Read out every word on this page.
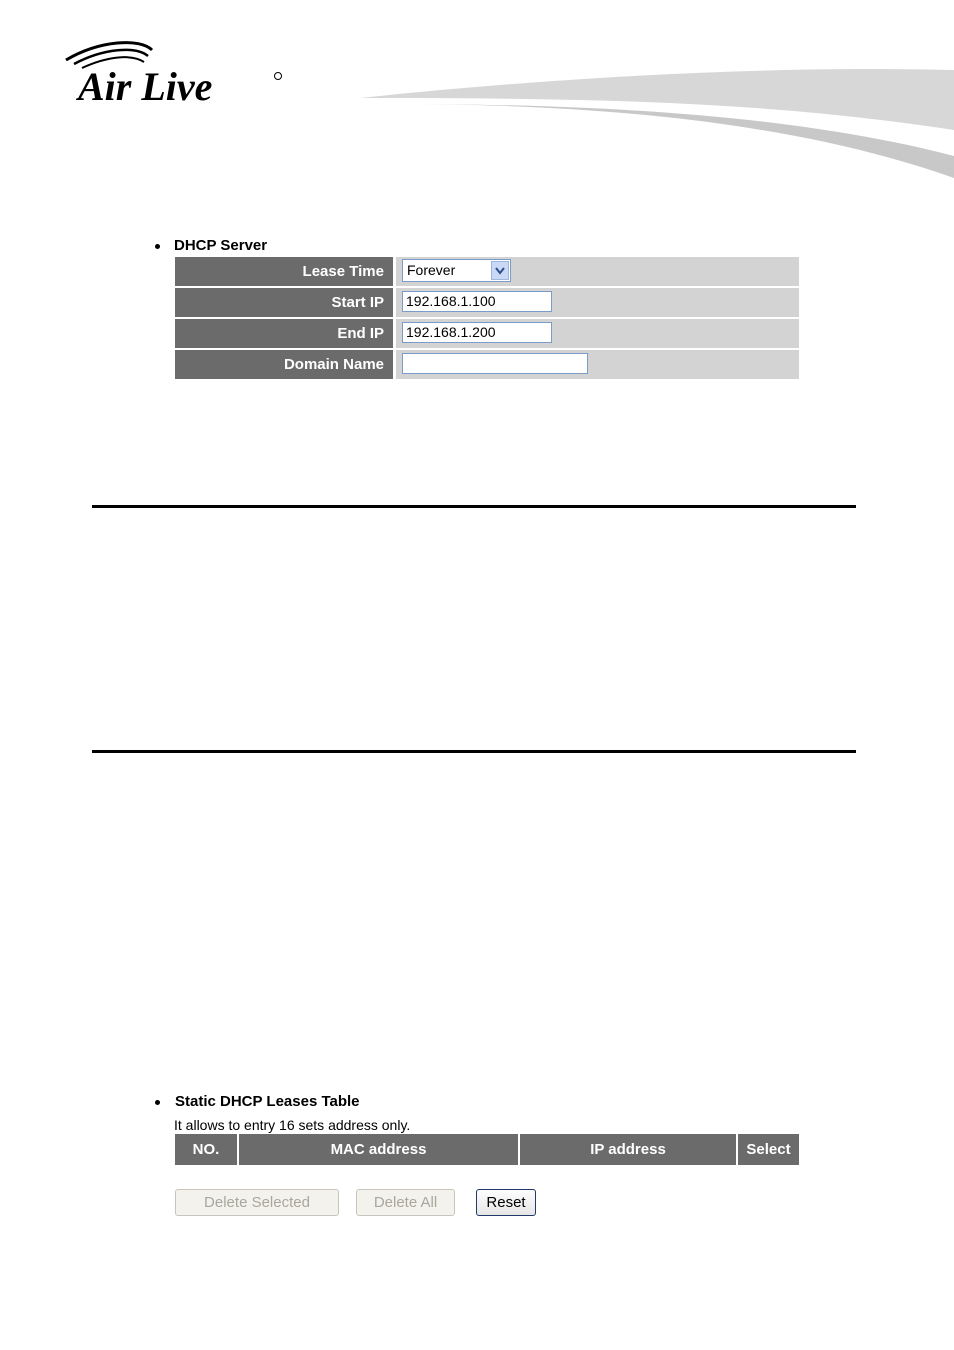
Air Live
DHCP Server
Lease Time	Forever
Start IP	192.168.1.100
End IP	192.168.1.200
Domain Name
Static DHCP Leases Table
It allows to entry 16 sets address only.
NO.	MAC address	IP address	Select
Delete Selected	Delete All	Reset
